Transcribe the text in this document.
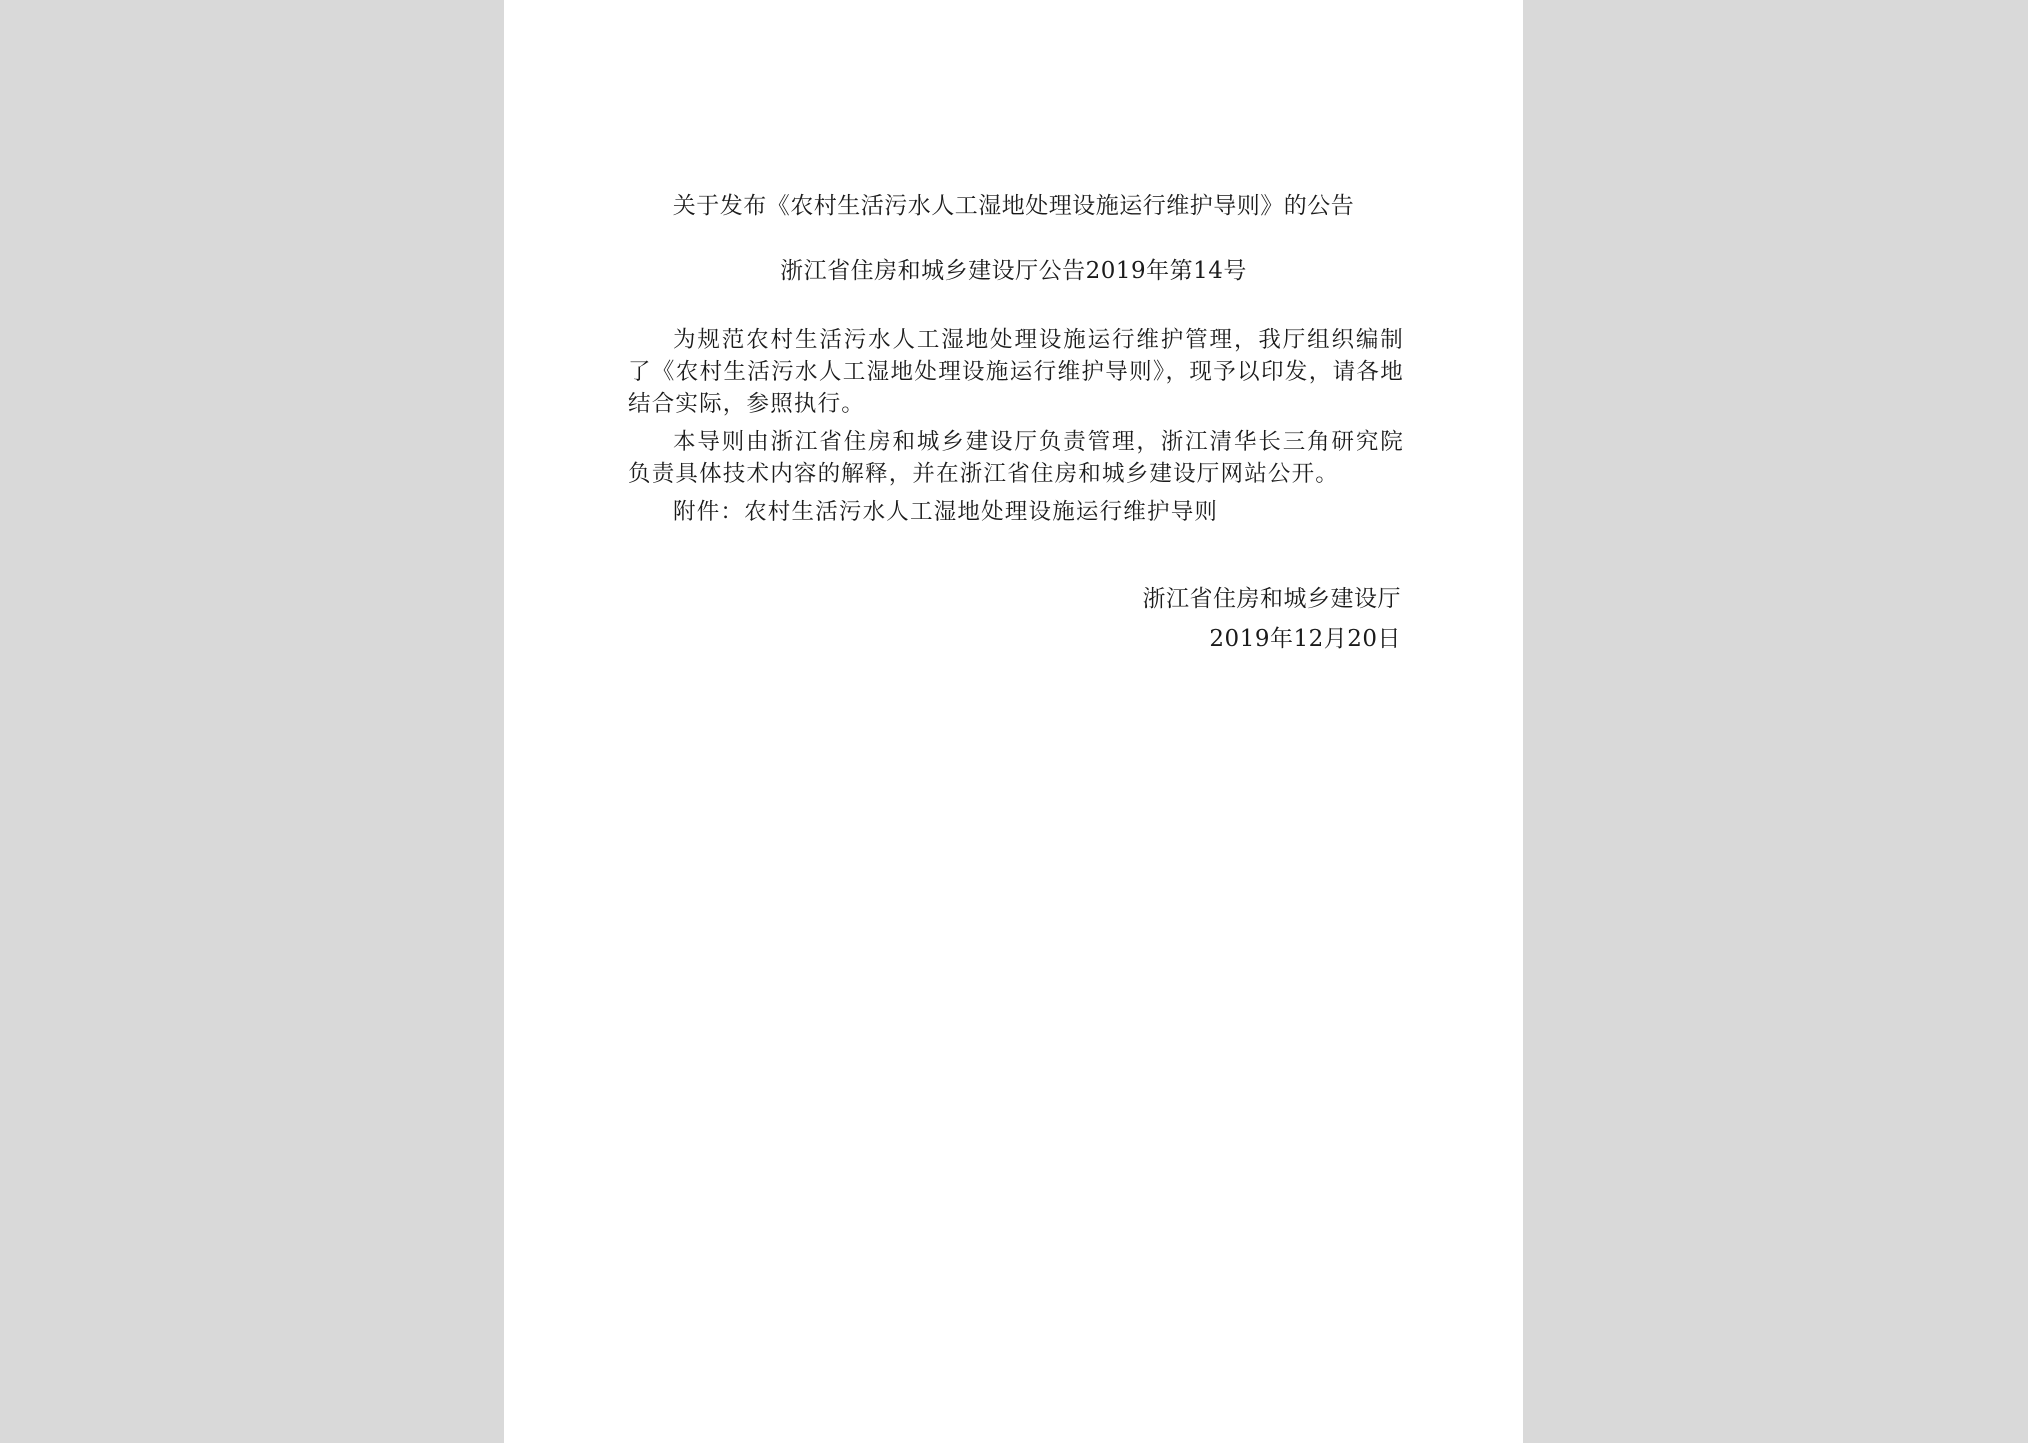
关于发布《农村生活污水人工湿地处理设施运行维护导则》的公告
浙江省住房和城乡建设厅公告2019年第14号

为规范农村生活污水人工湿地处理设施运行维护管理，我厅组织编制了《农村生活污水人工湿地处理设施运行维护导则》，现予以印发，请各地结合实际，参照执行。

本导则由浙江省住房和城乡建设厅负责管理，浙江清华长三角研究院负责具体技术内容的解释，并在浙江省住房和城乡建设厅网站公开。

附件：农村生活污水人工湿地处理设施运行维护导则

浙江省住房和城乡建设厅
2019年12月20日
